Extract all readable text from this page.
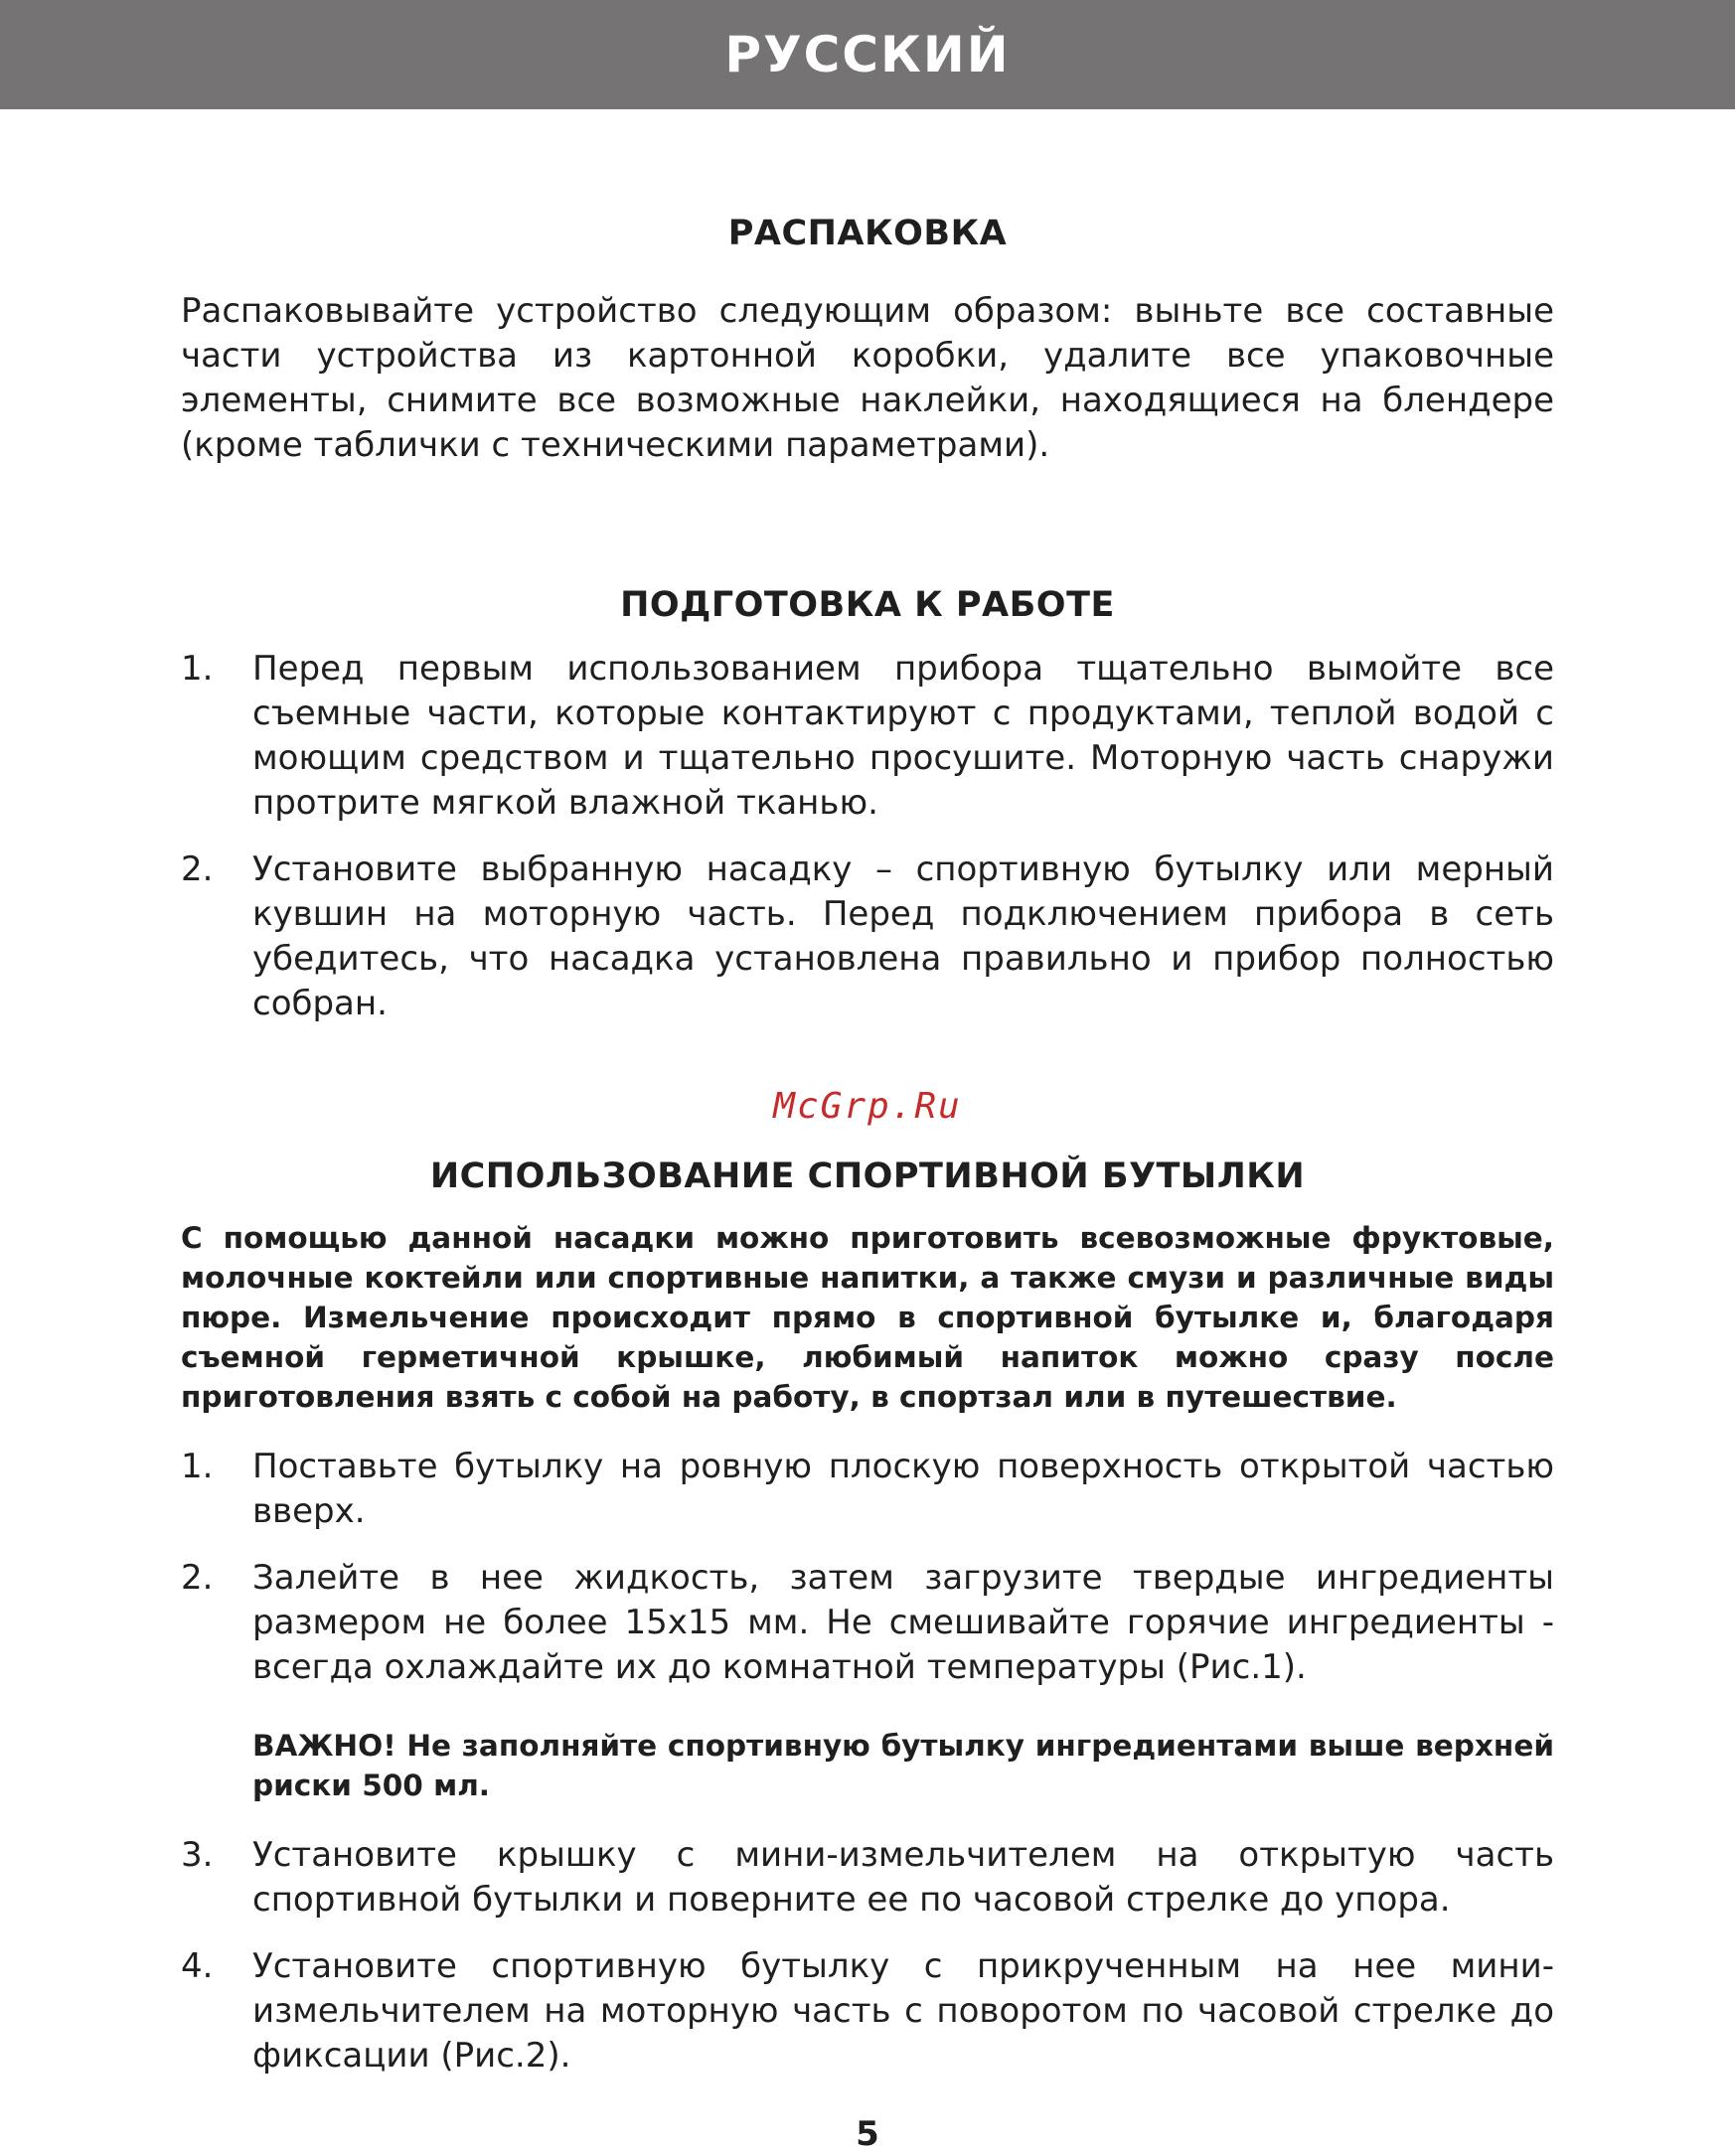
РУССКИЙ
РАСПАКОВКА

Распаковывайте устройство следующим образом: выньте все составные части устройства из картонной коробки, удалите все упаковочные элементы, снимите все возможные наклейки, находящиеся на блендере (кроме таблички с техническими параметрами).

ПОДГОТОВКА К РАБОТЕ
1. Перед первым использованием прибора тщательно вымойте все съемные части, которые контактируют с продуктами, теплой водой с моющим средством и тщательно просушите. Моторную часть снаружи протрите мягкой влажной тканью.
2. Установите выбранную насадку – спортивную бутылку или мерный кувшин на моторную часть. Перед подключением прибора в сеть убедитесь, что насадка установлена правильно и прибор полностью собран.

McGrp.Ru

ИСПОЛЬЗОВАНИЕ СПОРТИВНОЙ БУТЫЛКИ

С помощью данной насадки можно приготовить всевозможные фруктовые, молочные коктейли или спортивные напитки, а также смузи и различные виды пюре. Измельчение происходит прямо в спортивной бутылке и, благодаря съемной герметичной крышке, любимый напиток можно сразу после приготовления взять с собой на работу, в спортзал или в путешествие.

1. Поставьте бутылку на ровную плоскую поверхность открытой частью вверх.
2. Залейте в нее жидкость, затем загрузите твердые ингредиенты размером не более 15х15 мм. Не смешивайте горячие ингредиенты - всегда охлаждайте их до комнатной температуры (Рис.1).

ВАЖНО! Не заполняйте спортивную бутылку ингредиентами выше верхней риски 500 мл.

3. Установите крышку с мини-измельчителем на открытую часть спортивной бутылки и поверните ее по часовой стрелке до упора.
4. Установите спортивную бутылку с прикрученным на нее мини-измельчителем на моторную часть с поворотом по часовой стрелке до фиксации (Рис.2).
5
